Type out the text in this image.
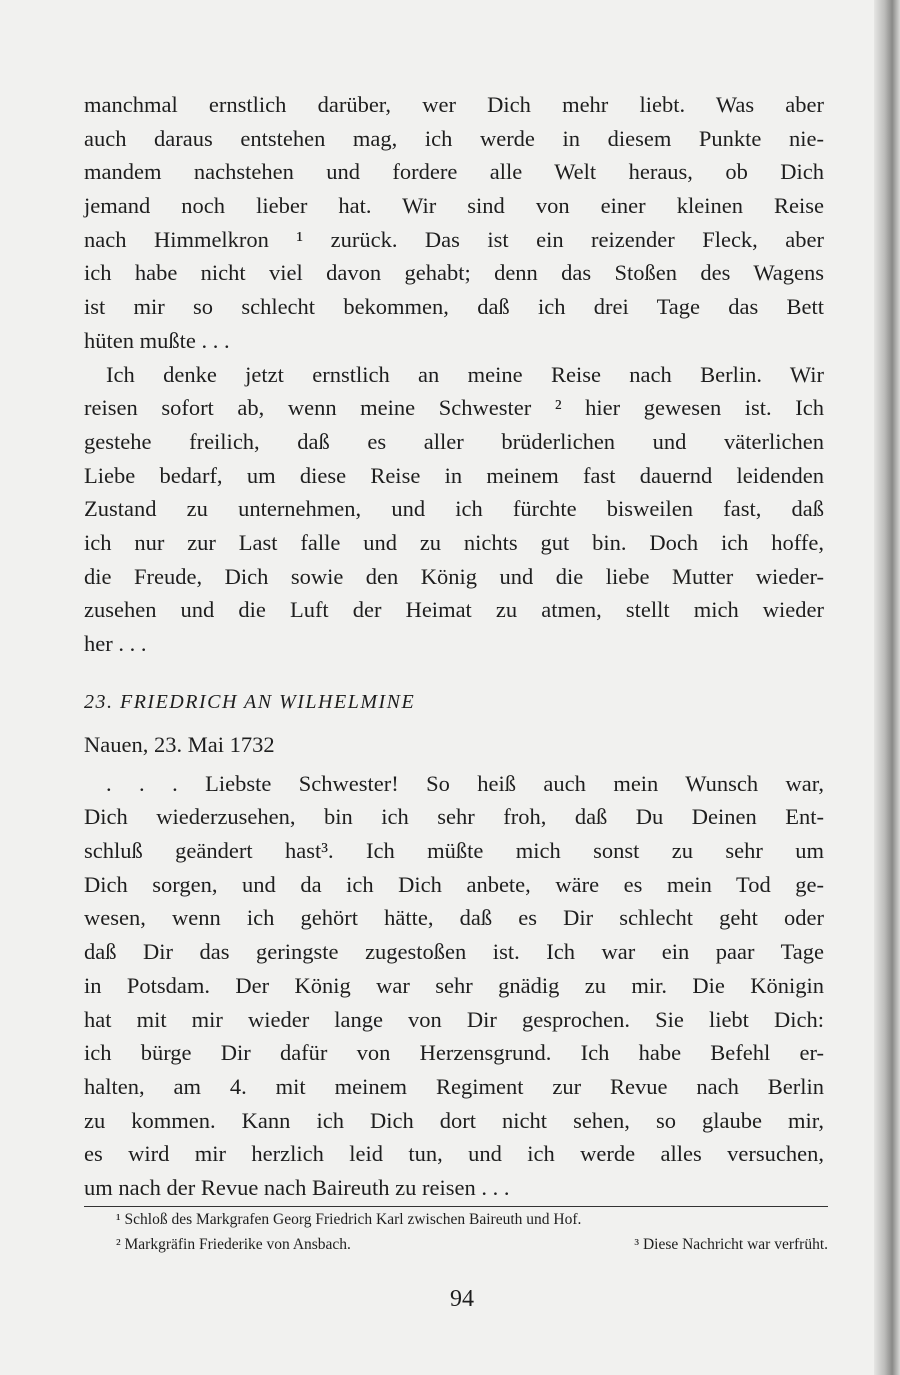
manchmal ernstlich darüber, wer Dich mehr liebt. Was aber
auch daraus entstehen mag, ich werde in diesem Punkte nie-
mandem nachstehen und fordere alle Welt heraus, ob Dich
jemand noch lieber hat. Wir sind von einer kleinen Reise
nach Himmelkron ¹ zurück. Das ist ein reizender Fleck, aber
ich habe nicht viel davon gehabt; denn das Stoßen des Wagens
ist mir so schlecht bekommen, daß ich drei Tage das Bett
hüten mußte . . .
Ich denke jetzt ernstlich an meine Reise nach Berlin. Wir
reisen sofort ab, wenn meine Schwester ² hier gewesen ist. Ich
gestehe freilich, daß es aller brüderlichen und väterlichen
Liebe bedarf, um diese Reise in meinem fast dauernd leidenden
Zustand zu unternehmen, und ich fürchte bisweilen fast, daß
ich nur zur Last falle und zu nichts gut bin. Doch ich hoffe,
die Freude, Dich sowie den König und die liebe Mutter wieder-
zusehen und die Luft der Heimat zu atmen, stellt mich wieder
her . . .
23. FRIEDRICH AN WILHELMINE
Nauen, 23. Mai 1732
. . . Liebste Schwester! So heiß auch mein Wunsch war,
Dich wiederzusehen, bin ich sehr froh, daß Du Deinen Ent-
schluß geändert hast³. Ich müßte mich sonst zu sehr um
Dich sorgen, und da ich Dich anbete, wäre es mein Tod ge-
wesen, wenn ich gehört hätte, daß es Dir schlecht geht oder
daß Dir das geringste zugestoßen ist. Ich war ein paar Tage
in Potsdam. Der König war sehr gnädig zu mir. Die Königin
hat mit mir wieder lange von Dir gesprochen. Sie liebt Dich:
ich bürge Dir dafür von Herzensgrund. Ich habe Befehl er-
halten, am 4. mit meinem Regiment zur Revue nach Berlin
zu kommen. Kann ich Dich dort nicht sehen, so glaube mir,
es wird mir herzlich leid tun, und ich werde alles versuchen,
um nach der Revue nach Baireuth zu reisen . . .
¹ Schloß des Markgrafen Georg Friedrich Karl zwischen Baireuth und Hof.
² Markgräfin Friederike von Ansbach.	³ Diese Nachricht war verfrüht.
94
